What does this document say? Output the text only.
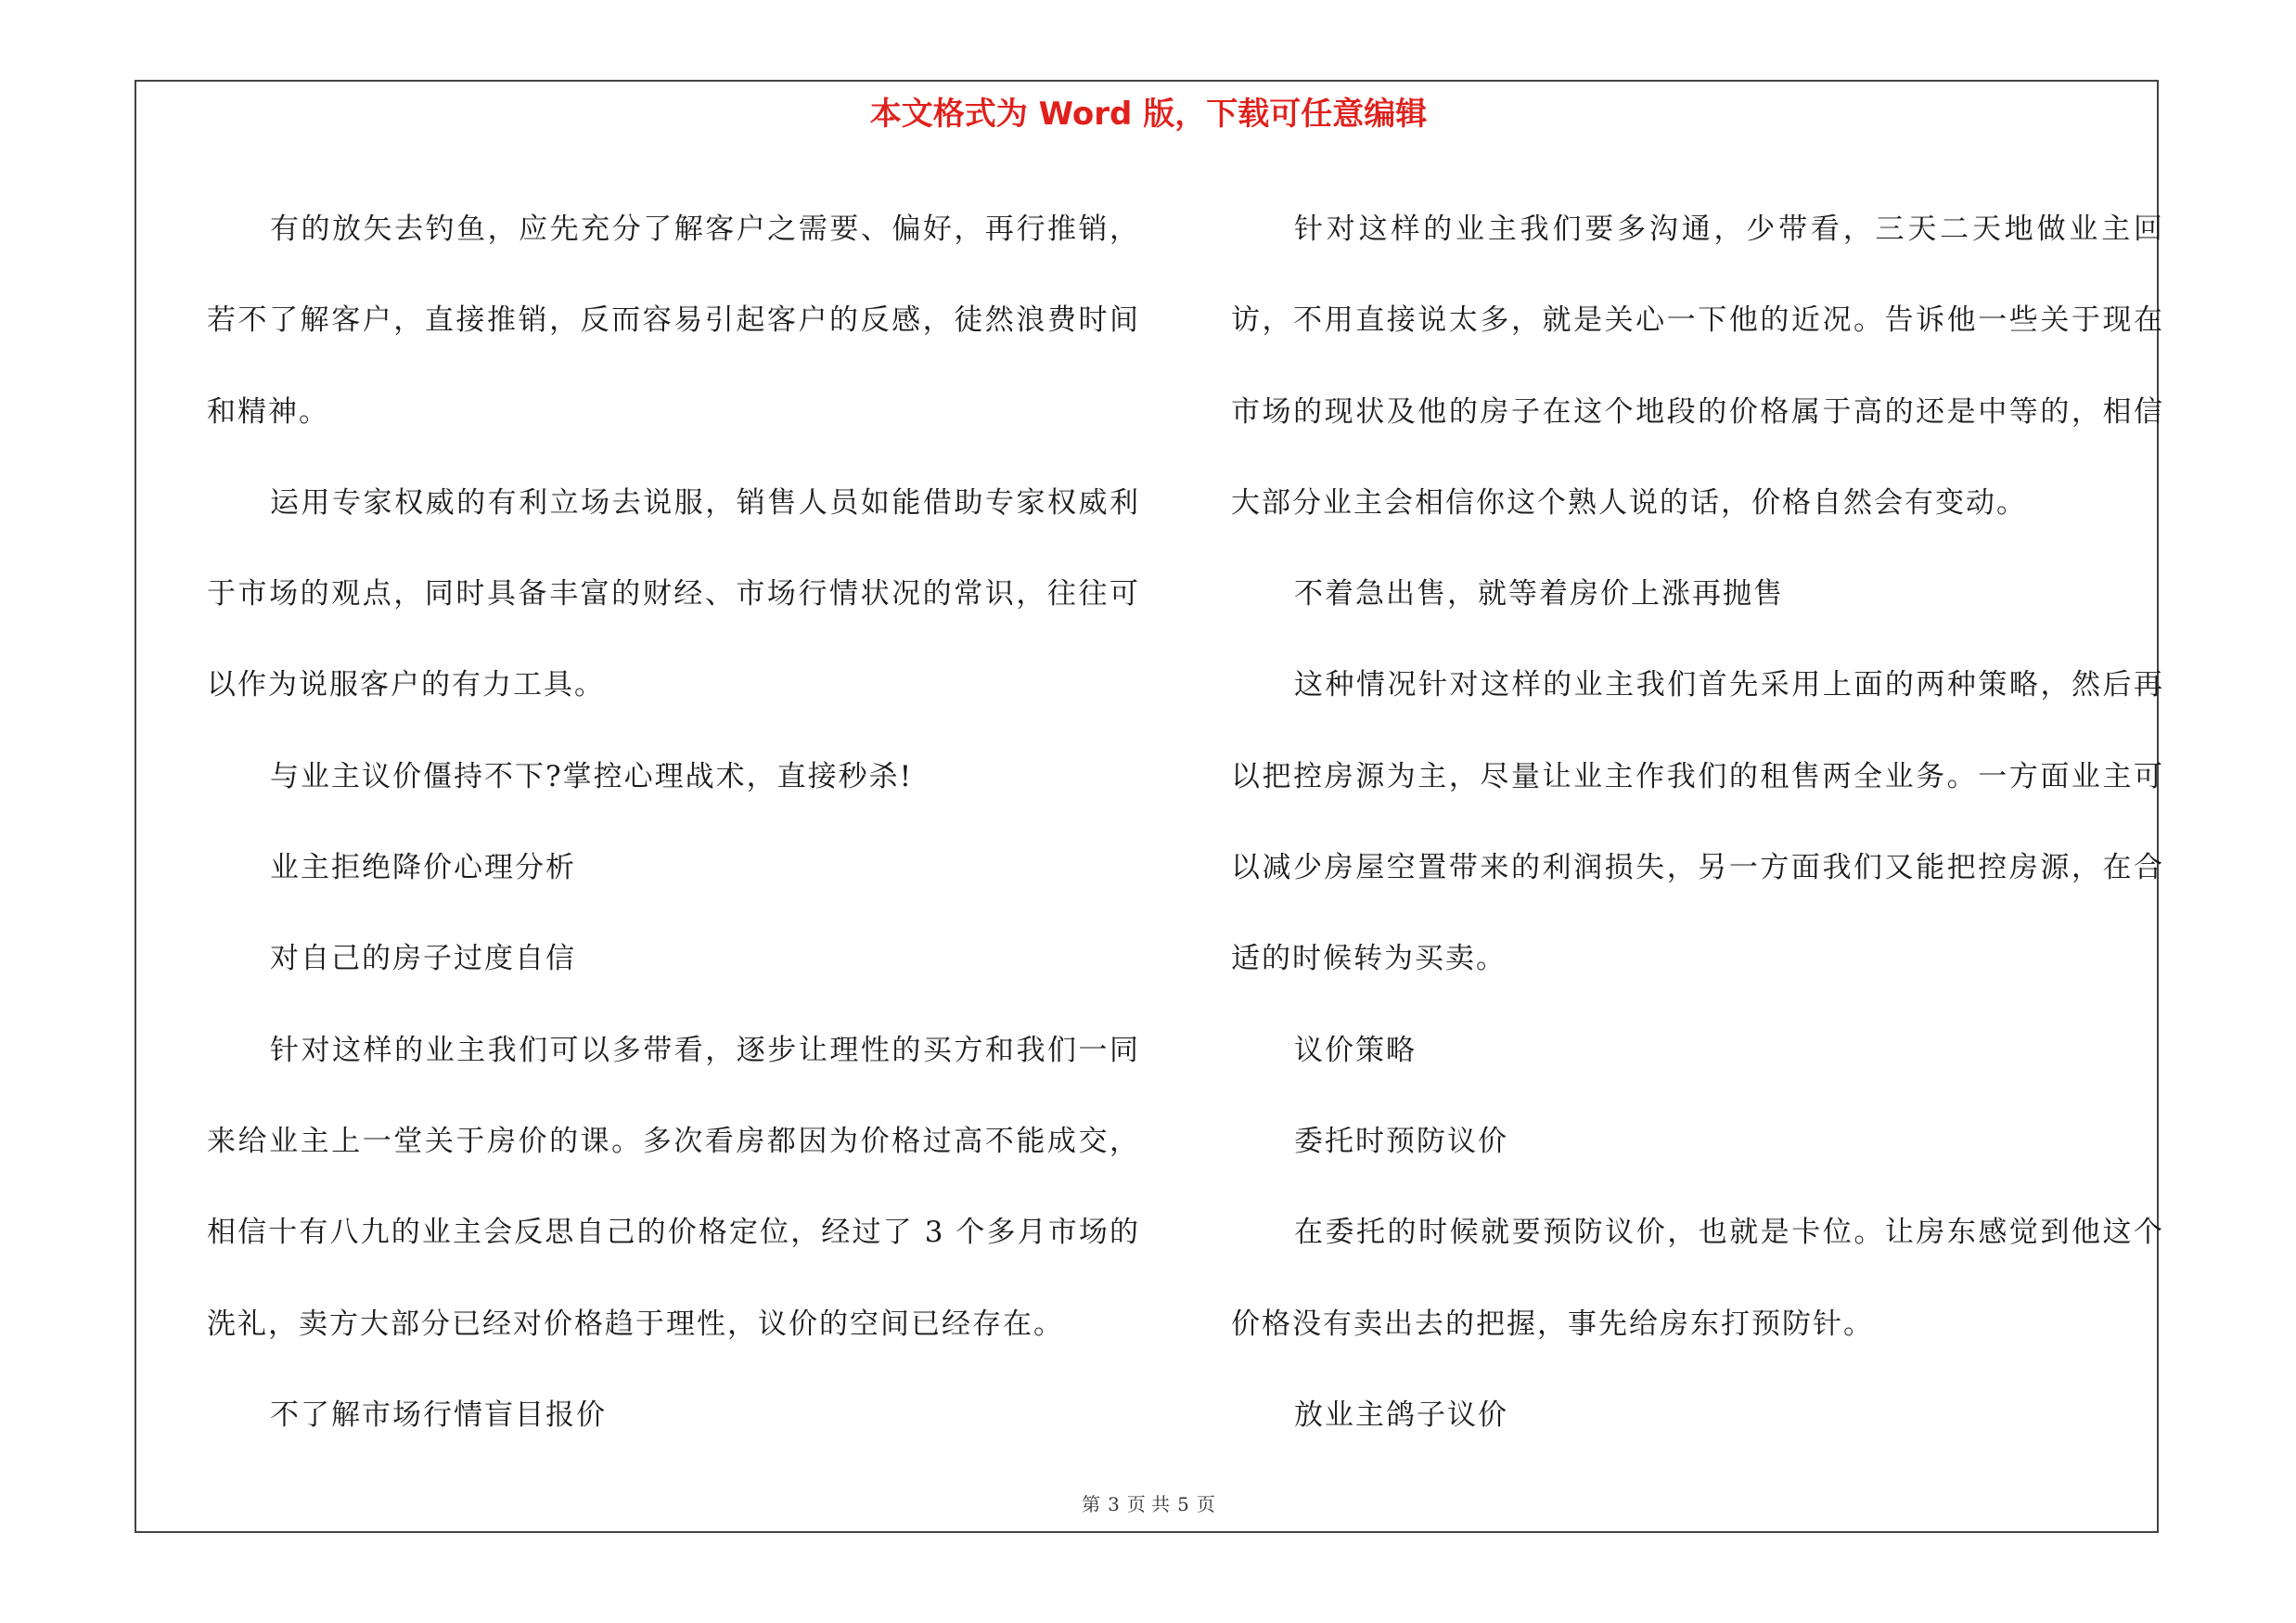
本文格式为 Word 版，下载可任意编辑

有的放矢去钓鱼，应先充分了解客户之需要、偏好，再行推销，若不了解客户，直接推销，反而容易引起客户的反感，徒然浪费时间和精神。

运用专家权威的有利立场去说服，销售人员如能借助专家权威利于市场的观点，同时具备丰富的财经、市场行情状况的常识，往往可以作为说服客户的有力工具。

与业主议价僵持不下?掌控心理战术，直接秒杀!

业主拒绝降价心理分析

对自己的房子过度自信

针对这样的业主我们可以多带看，逐步让理性的买方和我们一同来给业主上一堂关于房价的课。多次看房都因为价格过高不能成交，相信十有八九的业主会反思自己的价格定位，经过了 3 个多月市场的洗礼，卖方大部分已经对价格趋于理性，议价的空间已经存在。

不了解市场行情盲目报价

针对这样的业主我们要多沟通，少带看，三天二天地做业主回访，不用直接说太多，就是关心一下他的近况。告诉他一些关于现在市场的现状及他的房子在这个地段的价格属于高的还是中等的，相信大部分业主会相信你这个熟人说的话，价格自然会有变动。

不着急出售，就等着房价上涨再抛售

这种情况针对这样的业主我们首先采用上面的两种策略，然后再以把控房源为主，尽量让业主作我们的租售两全业务。一方面业主可以减少房屋空置带来的利润损失，另一方面我们又能把控房源，在合适的时候转为买卖。

议价策略

委托时预防议价

在委托的时候就要预防议价，也就是卡位。让房东感觉到他这个价格没有卖出去的把握，事先给房东打预防针。

放业主鸽子议价

第 3 页 共 5 页
